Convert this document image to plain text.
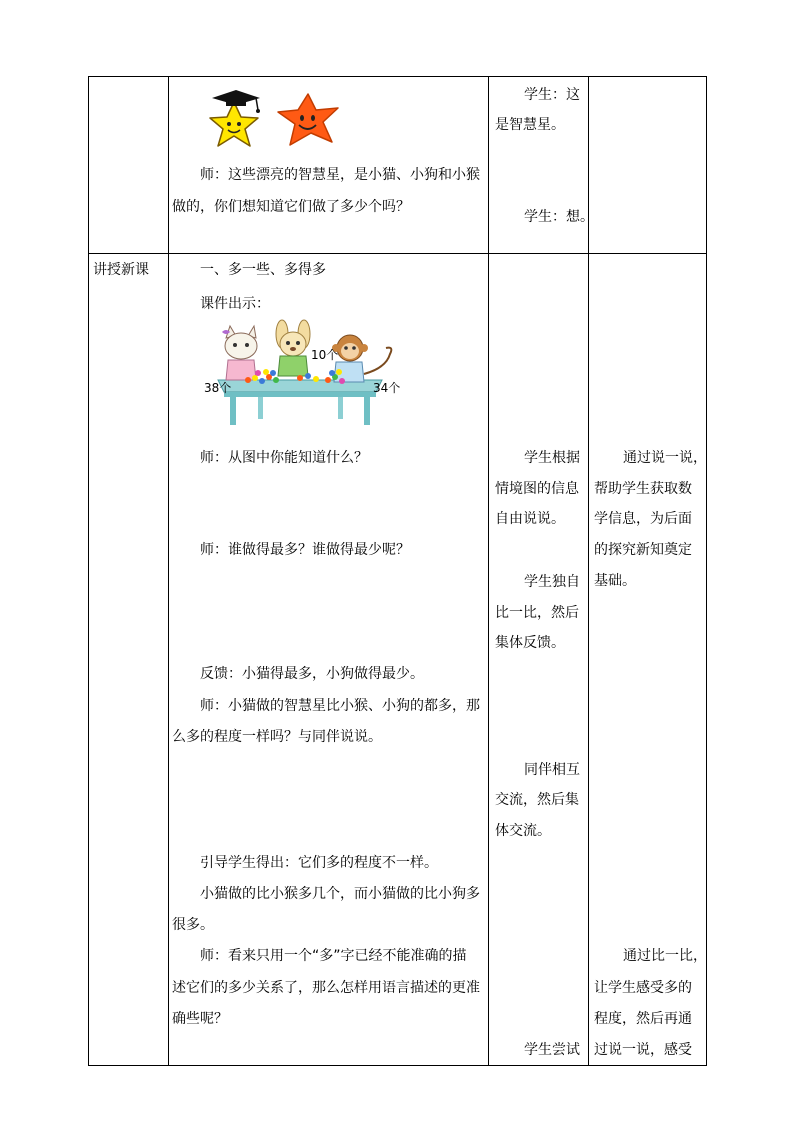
师：这些漂亮的智慧星，是小猫、小狗和小猴
做的，你们想知道它们做了多少个吗？
学生：这
是智慧星。
学生：想。
讲授新课	一、多一些、多得多
课件出示：
10个
38个	34个
师：从图中你能知道什么？
师：谁做得最多？谁做得最少呢？
反馈：小猫得最多，小狗做得最少。
师：小猫做的智慧星比小猴、小狗的都多，那
么多的程度一样吗？与同伴说说。
引导学生得出：它们多的程度不一样。
小猫做的比小猴多几个，而小猫做的比小狗多
很多。
师：看来只用一个“多”字已经不能准确的描
述它们的多少关系了，那么怎样用语言描述的更准
确些呢？
学生根据
情境图的信息
自由说说。
学生独自
比一比，然后
集体反馈。
同伴相互
交流，然后集
体交流。
学生尝试
通过说一说，
帮助学生获取数
学信息，为后面
的探究新知奠定
基础。
通过比一比，
让学生感受多的
程度，然后再通
过说一说，感受
